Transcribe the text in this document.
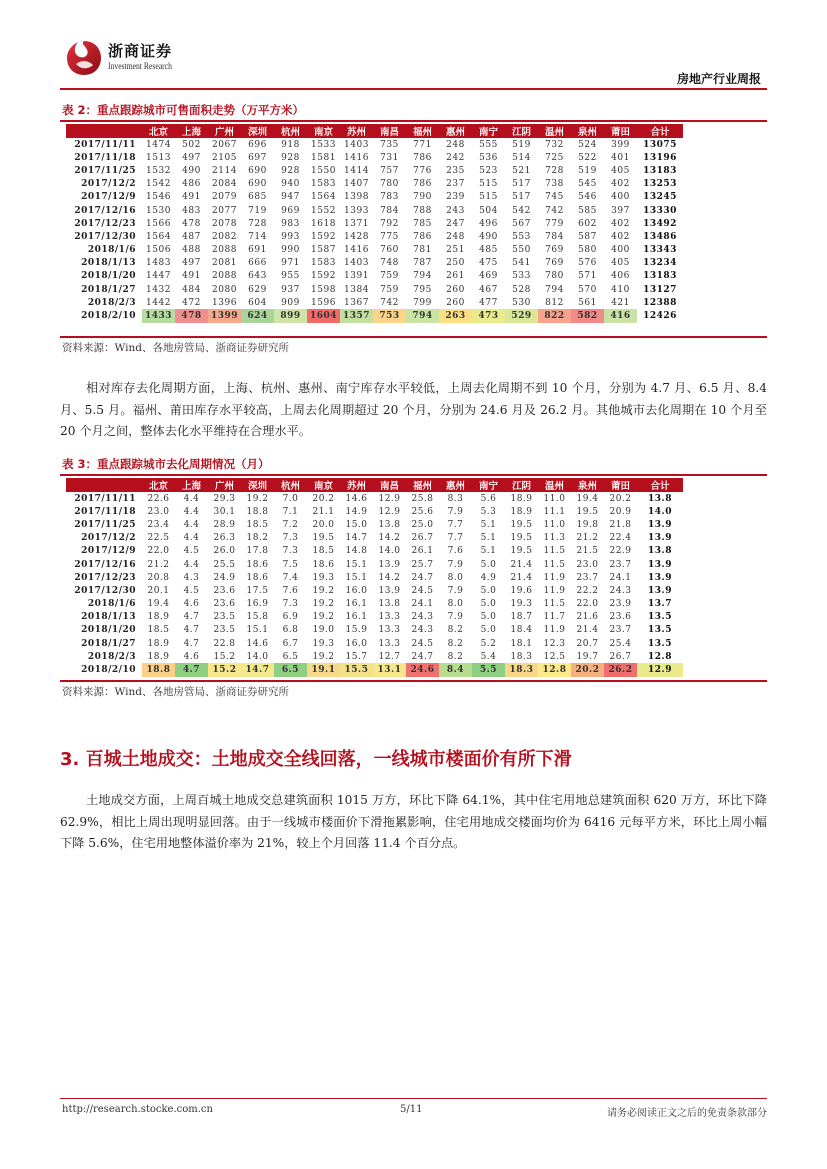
浙商证券
Investment Research
房地产行业周报
表 2：重点跟踪城市可售面积走势（万平方米）
	北京	上海	广州	深圳	杭州	南京	苏州	南昌	福州	惠州	南宁	江阴	温州	泉州	莆田	合计
2017/11/11	1474	502	2067	696	918	1533	1403	735	771	248	555	519	732	524	399	13075
2017/11/18	1513	497	2105	697	928	1581	1416	731	786	242	536	514	725	522	401	13196
2017/11/25	1532	490	2114	690	928	1550	1414	757	776	235	523	521	728	519	405	13183
2017/12/2	1542	486	2084	690	940	1583	1407	780	786	237	515	517	738	545	402	13253
2017/12/9	1546	491	2079	685	947	1564	1398	783	790	239	515	517	745	546	400	13245
2017/12/16	1530	483	2077	719	969	1552	1393	784	788	243	504	542	742	585	397	13330
2017/12/23	1566	478	2078	728	983	1618	1371	792	785	247	496	567	779	602	402	13492
2017/12/30	1564	487	2082	714	993	1592	1428	775	786	248	490	553	784	587	402	13486
2018/1/6	1506	488	2088	691	990	1587	1416	760	781	251	485	550	769	580	400	13343
2018/1/13	1483	497	2081	666	971	1583	1403	748	787	250	475	541	769	576	405	13234
2018/1/20	1447	491	2088	643	955	1592	1391	759	794	261	469	533	780	571	406	13183
2018/1/27	1432	484	2080	629	937	1598	1384	759	795	260	467	528	794	570	410	13127
2018/2/3	1442	472	1396	604	909	1596	1367	742	799	260	477	530	812	561	421	12388
2018/2/10	1433	478	1399	624	899	1604	1357	753	794	263	473	529	822	582	416	12426
资料来源：Wind、各地房管局、浙商证券研究所
相对库存去化周期方面，上海、杭州、惠州、南宁库存水平较低，上周去化周期不到 10 个月，分别为 4.7 月、6.5 月、8.4 月、5.5 月。福州、莆田库存水平较高，上周去化周期超过 20 个月，分别为 24.6 月及 26.2 月。其他城市去化周期在 10 个月至 20 个月之间，整体去化水平维持在合理水平。
表 3：重点跟踪城市去化周期情况（月）
	北京	上海	广州	深圳	杭州	南京	苏州	南昌	福州	惠州	南宁	江阴	温州	泉州	莆田	合计
2017/11/11	22.6	4.4	29.3	19.2	7.0	20.2	14.6	12.9	25.8	8.3	5.6	18.9	11.0	19.4	20.2	13.8
2017/11/18	23.0	4.4	30.1	18.8	7.1	21.1	14.9	12.9	25.6	7.9	5.3	18.9	11.1	19.5	20.9	14.0
2017/11/25	23.4	4.4	28.9	18.5	7.2	20.0	15.0	13.8	25.0	7.7	5.1	19.5	11.0	19.8	21.8	13.9
2017/12/2	22.5	4.4	26.3	18.2	7.3	19.5	14.7	14.2	26.7	7.7	5.1	19.5	11.3	21.2	22.4	13.9
2017/12/9	22.0	4.5	26.0	17.8	7.3	18.5	14.8	14.0	26.1	7.6	5.1	19.5	11.5	21.5	22.9	13.8
2017/12/16	21.2	4.4	25.5	18.6	7.5	18.6	15.1	13.9	25.7	7.9	5.0	21.4	11.5	23.0	23.7	13.9
2017/12/23	20.8	4.3	24.9	18.6	7.4	19.3	15.1	14.2	24.7	8.0	4.9	21.4	11.9	23.7	24.1	13.9
2017/12/30	20.1	4.5	23.6	17.5	7.6	19.2	16.0	13.9	24.5	7.9	5.0	19.6	11.9	22.2	24.3	13.9
2018/1/6	19.4	4.6	23.6	16.9	7.3	19.2	16.1	13.8	24.1	8.0	5.0	19.3	11.5	22.0	23.9	13.7
2018/1/13	18.9	4.7	23.5	15.8	6.9	19.2	16.1	13.3	24.3	7.9	5.0	18.7	11.7	21.6	23.6	13.5
2018/1/20	18.5	4.7	23.5	15.1	6.8	19.0	15.9	13.3	24.3	8.2	5.0	18.4	11.9	21.4	23.7	13.5
2018/1/27	18.9	4.7	22.8	14.6	6.7	19.3	16.0	13.3	24.5	8.2	5.2	18.1	12.3	20.7	25.4	13.5
2018/2/3	18.9	4.6	15.2	14.0	6.5	19.2	15.7	12.7	24.7	8.2	5.4	18.3	12.5	19.7	26.7	12.8
2018/2/10	18.8	4.7	15.2	14.7	6.5	19.1	15.5	13.1	24.6	8.4	5.5	18.3	12.8	20.2	26.2	12.9
资料来源：Wind、各地房管局、浙商证券研究所
3. 百城土地成交：土地成交全线回落，一线城市楼面价有所下滑
土地成交方面，上周百城土地成交总建筑面积 1015 万方，环比下降 64.1%，其中住宅用地总建筑面积 620 万方，环比下降 62.9%，相比上周出现明显回落。由于一线城市楼面价下滑拖累影响，住宅用地成交楼面均价为 6416 元每平方米，环比上周小幅下降 5.6%，住宅用地整体溢价率为 21%，较上个月回落 11.4 个百分点。
http://research.stocke.com.cn	5/11	请务必阅读正文之后的免责条款部分
